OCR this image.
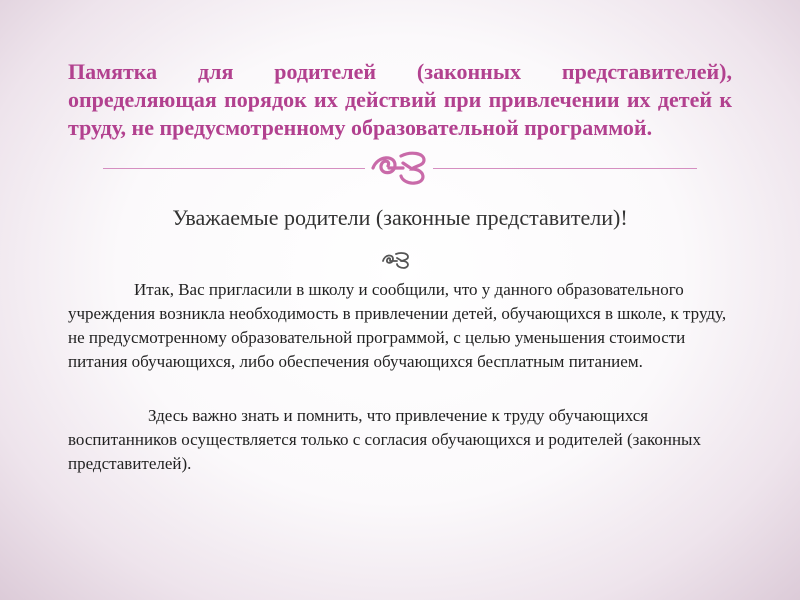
Памятка для родителей (законных представителей), определяющая порядок их действий при привлечении их детей к труду, не предусмотренному образовательной программой.
Уважаемые родители (законные представители)!

Итак, Вас пригласили в школу и сообщили, что у данного образовательного учреждения возникла необходимость в привлечении детей, обучающихся в школе, к труду, не предусмотренному образовательной программой, с целью уменьшения стоимости питания обучающихся, либо обеспечения обучающихся бесплатным питанием.

Здесь важно знать и помнить, что привлечение к труду обучающихся воспитанников осуществляется только с согласия обучающихся и родителей (законных представителей).
